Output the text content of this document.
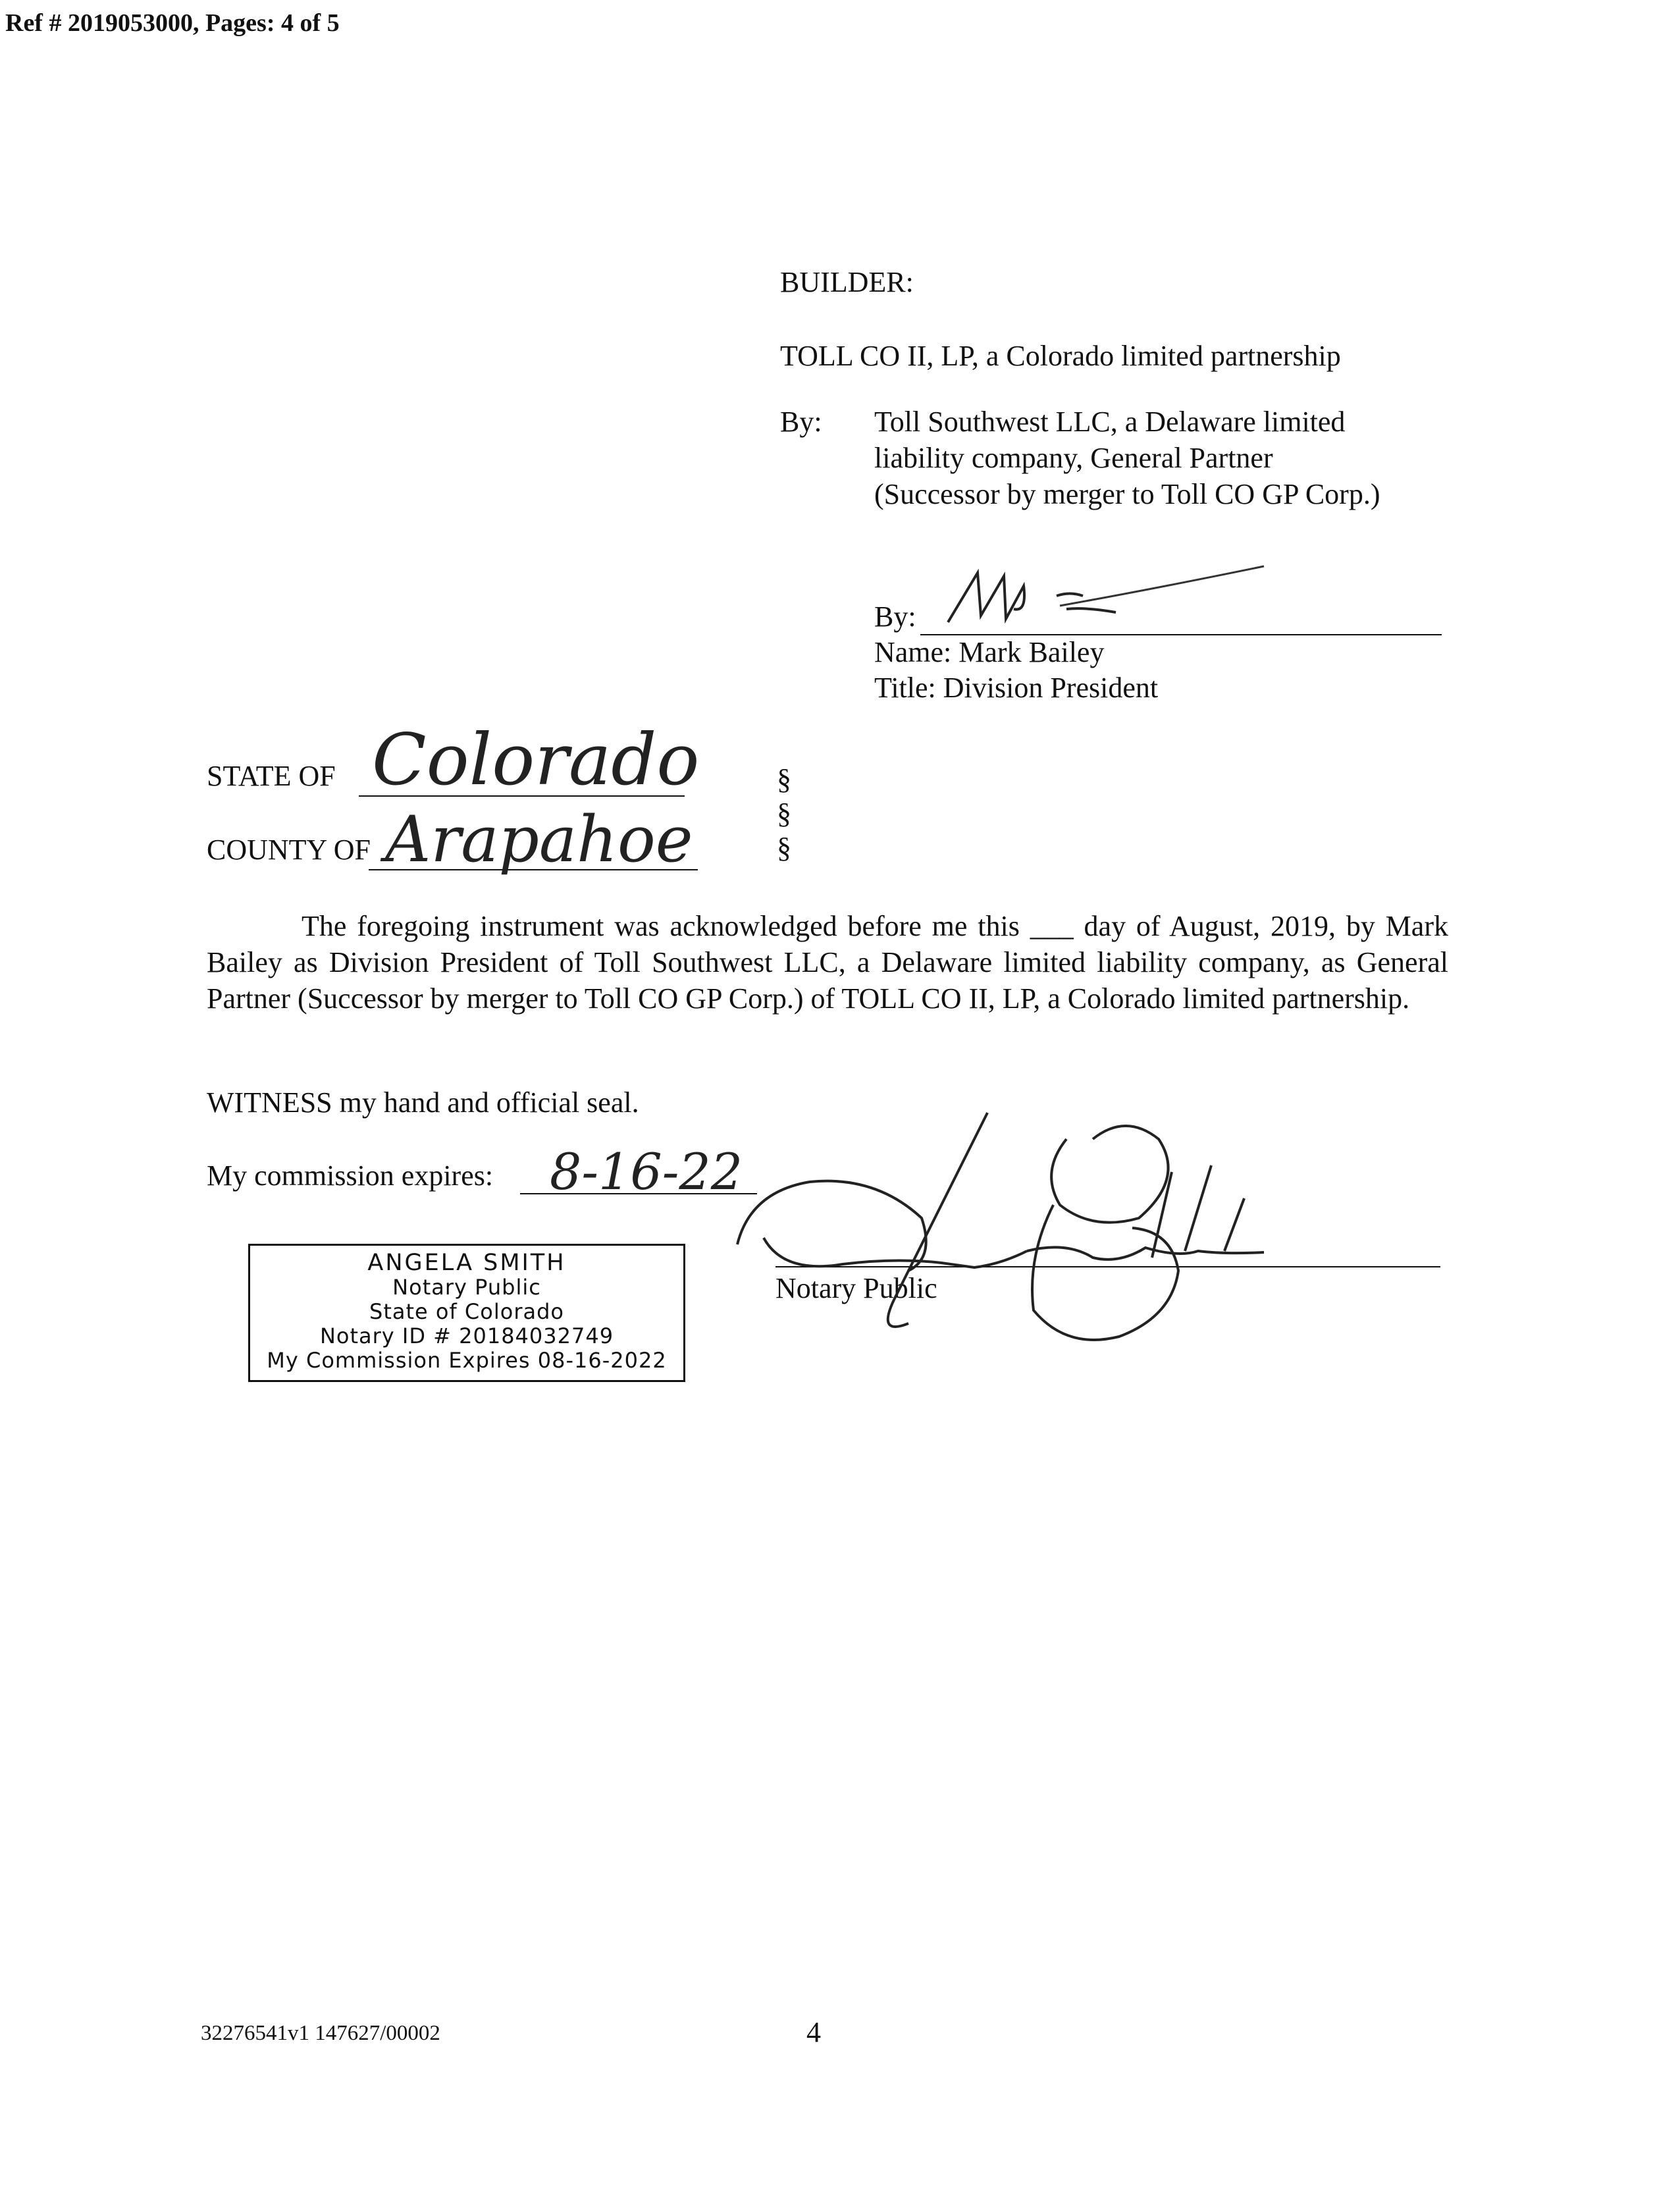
Ref # 2019053000, Pages: 4 of 5
BUILDER:
TOLL CO II, LP, a Colorado limited partnership
By: Toll Southwest LLC, a Delaware limited
liability company, General Partner
(Successor by merger to Toll CO GP Corp.)
By:
Name: Mark Bailey
Title: Division President
STATE OF Colorado
COUNTY OF Arapahoe
§
§
§
The foregoing instrument was acknowledged before me this ___ day of August, 2019, by Mark Bailey as Division President of Toll Southwest LLC, a Delaware limited liability company, as General Partner (Successor by merger to Toll CO GP Corp.) of TOLL CO II, LP, a Colorado limited partnership.
WITNESS my hand and official seal.
My commission expires: 8-16-22
Notary Public
ANGELA SMITH
Notary Public
State of Colorado
Notary ID # 20184032749
My Commission Expires 08-16-2022
32276541v1 147627/00002	4
